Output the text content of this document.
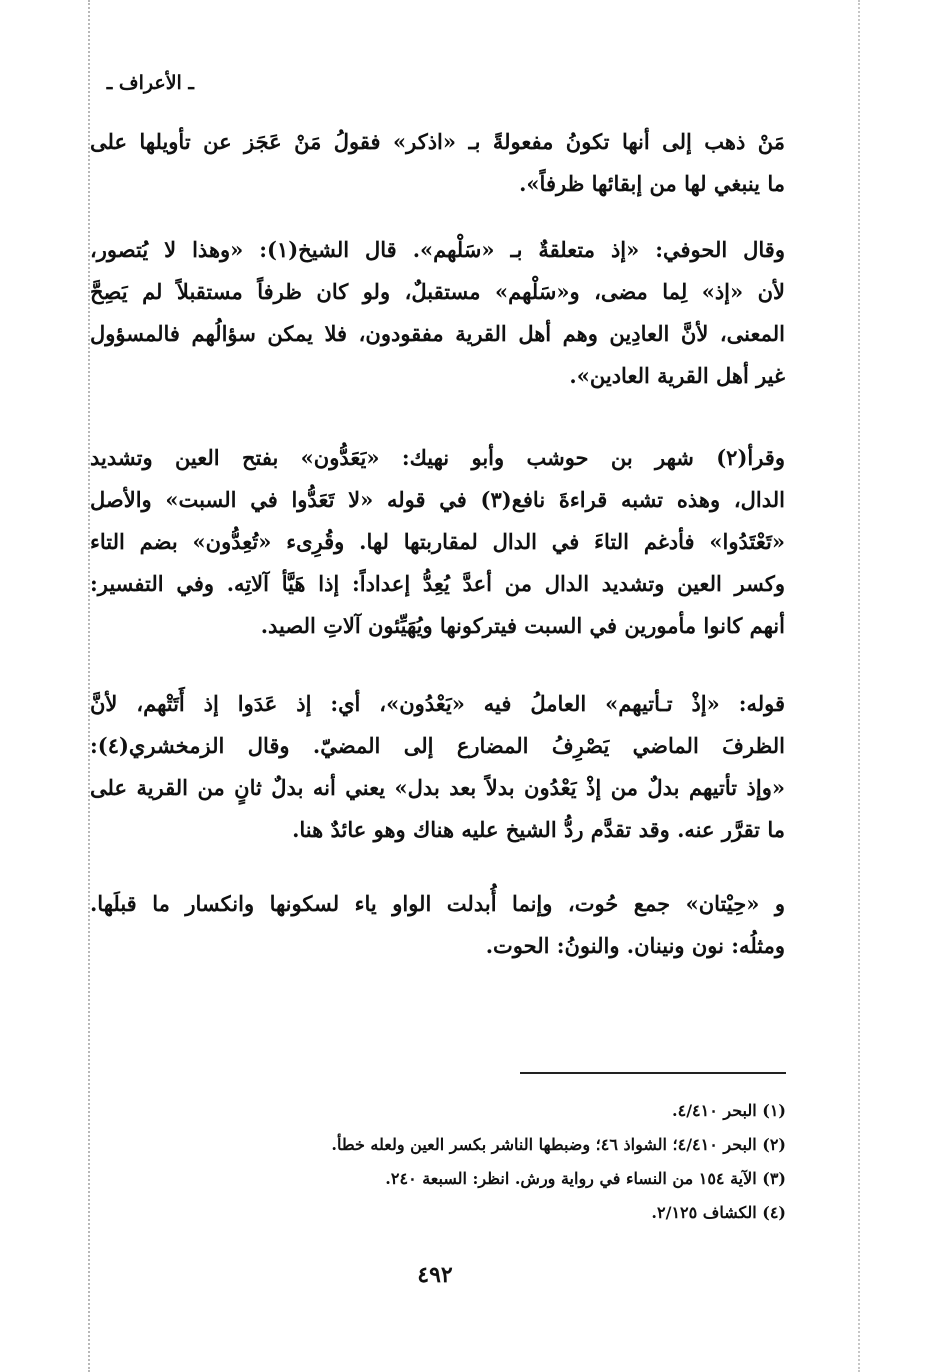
ـ الأعراف ـ
مَنْ ذهب إلى أنها تكونُ مفعولةً بـ «اذكر» فقولُ مَنْ عَجَز عن تأويلها على
ما ينبغي لها من إبقائها ظرفاً».
وقال الحوفي: «إذ متعلقةٌ بـ «سَلْهم». قال الشيخ(١): «وهذا لا يُتصور،
لأن «إذ» لِما مضى، و«سَلْهم» مستقبلٌ، ولو كان ظرفاً مستقبلاً لم يَصِحَّ
المعنى، لأنَّ العادِين وهم أهل القرية مفقودون، فلا يمكن سؤالُهم فالمسؤول
غير أهل القرية العادين».
وقرأ(٢) شهر بن حوشب وأبو نهيك: «يَعَدُّون» بفتح العين وتشديد
الدال، وهذه تشبه قراءةَ نافع(٣) في قوله «لا تَعَدُّوا في السبت» والأصل
«تَعْتَدُوا» فأدغم التاءَ في الدال لمقاربتها لها. وقُرِىء «تُعِدُّون» بضم التاء
وكسر العين وتشديد الدال من أعدَّ يُعِدُّ إعداداً: إذا هَيَّأ آلاتِه. وفي التفسير:
أنهم كانوا مأمورين في السبت فيتركونها ويُهَيِّئون آلاتِ الصيد.
قوله: «إذْ تـأتيهم» العاملُ فيه «يَعْدُون»، أي: إذ عَدَوا إذ أَتَتْهم، لأنَّ
الظرفَ الماضي يَصْرِفُ المضارع إلى المضيّ. وقال الزمخشري(٤):
«وإذ تأتيهم بدلٌ من إذْ يَعْدُون بدلاً بعد بدل» يعني أنه بدلٌ ثانٍ من القرية على
ما تقرَّر عنه. وقد تقدَّم ردُّ الشيخ عليه هناك وهو عائدٌ هنا.
و «حِيْتان» جمع حُوت، وإنما أُبدلت الواو ياء لسكونها وانكسار ما قبلَها.
ومثلُه: نون ونينان. والنونُ: الحوت.
(١) البحر ٤/٤١٠.
(٢) البحر ٤/٤١٠؛ الشواذ ٤٦؛ وضبطها الناشر بكسر العين ولعله خطأ.
(٣) الآية ١٥٤ من النساء في رواية ورش. انظر: السبعة ٢٤٠.
(٤) الكشاف ٢/١٢٥.
٤٩٢
